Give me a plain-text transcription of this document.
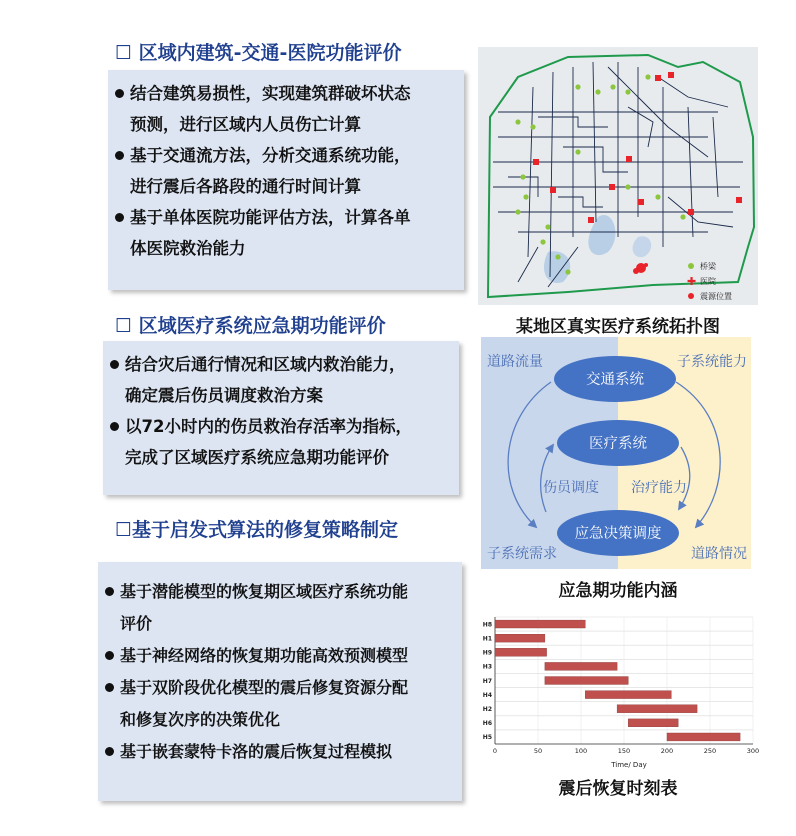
☐ 区域内建筑-交通-医院功能评价
结合建筑易损性，实现建筑群破坏状态
预测，进行区域内人员伤亡计算
基于交通流方法，分析交通系统功能，
进行震后各路段的通行时间计算
基于单体医院功能评估方法，计算各单
体医院救治能力
☐ 区域医疗系统应急期功能评价
结合灾后通行情况和区域内救治能力，
确定震后伤员调度救治方案
以72小时内的伤员救治存活率为指标，
完成了区域医疗系统应急期功能评价
☐基于启发式算法的修复策略制定
基于潜能模型的恢复期区域医疗系统功能
评价
基于神经网络的恢复期功能高效预测模型
基于双阶段优化模型的震后修复资源分配
和修复次序的决策优化
基于嵌套蒙特卡洛的震后恢复过程模拟
桥梁
✚ 医院
震源位置
某地区真实医疗系统拓扑图
交通系统
医疗系统
应急决策调度
道路流量	子系统能力
伤员调度 治疗能力
子系统需求	道路情况
应急期功能内涵
Time/ Day
0	50	100	150	200	250	300
H8
H1
H9
H3
H7
H4
H2
H6
H5
震后恢复时刻表
